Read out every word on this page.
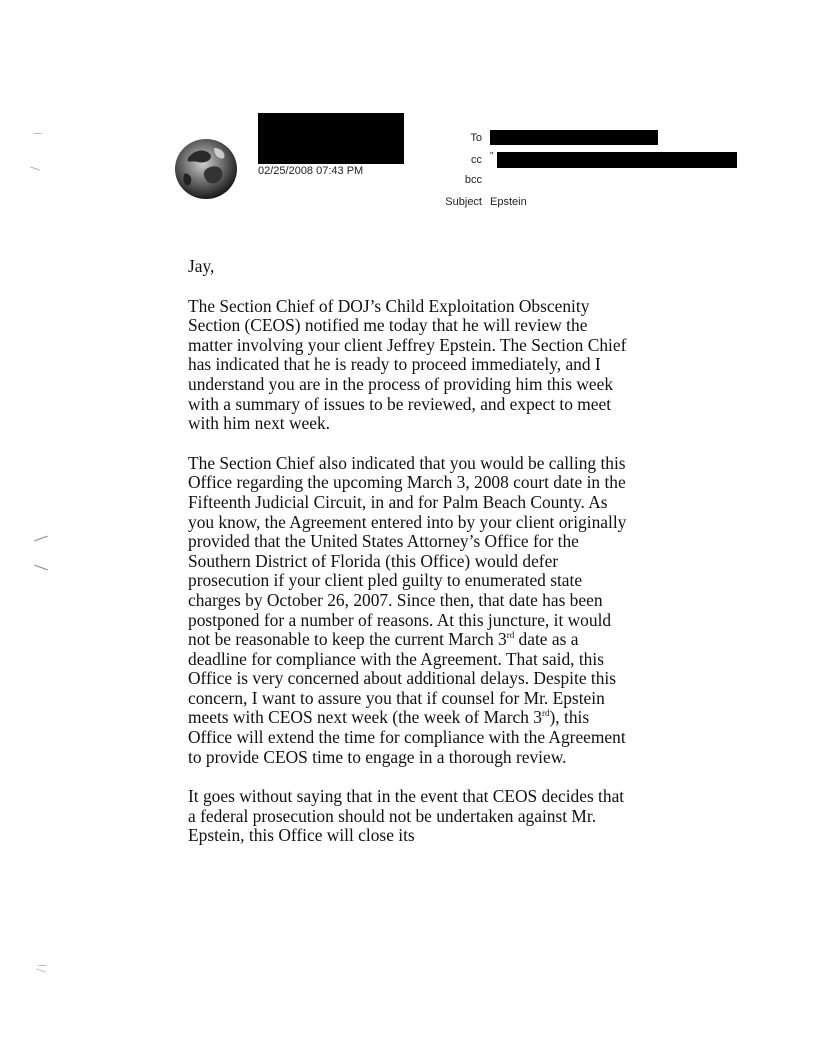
02/25/2008 07:43 PM
To
cc
bcc
Subject
"
Epstein

Jay,

The Section Chief of DOJ’s Child Exploitation Obscenity Section (CEOS) notified me today that he will review the matter involving your client Jeffrey Epstein. The Section Chief has indicated that he is ready to proceed immediately, and I understand you are in the process of providing him this week with a summary of issues to be reviewed, and expect to meet with him next week.

The Section Chief also indicated that you would be calling this Office regarding the upcoming March 3, 2008 court date in the Fifteenth Judicial Circuit, in and for Palm Beach County. As you know, the Agreement entered into by your client originally provided that the United States Attorney’s Office for the Southern District of Florida (this Office) would defer prosecution if your client pled guilty to enumerated state charges by October 26, 2007. Since then, that date has been postponed for a number of reasons. At this juncture, it would not be reasonable to keep the current March 3rd date as a deadline for compliance with the Agreement. That said, this Office is very concerned about additional delays. Despite this concern, I want to assure you that if counsel for Mr. Epstein meets with CEOS next week (the week of March 3rd), this Office will extend the time for compliance with the Agreement to provide CEOS time to engage in a thorough review.

It goes without saying that in the event that CEOS decides that a federal prosecution should not be undertaken against Mr. Epstein, this Office will close its
